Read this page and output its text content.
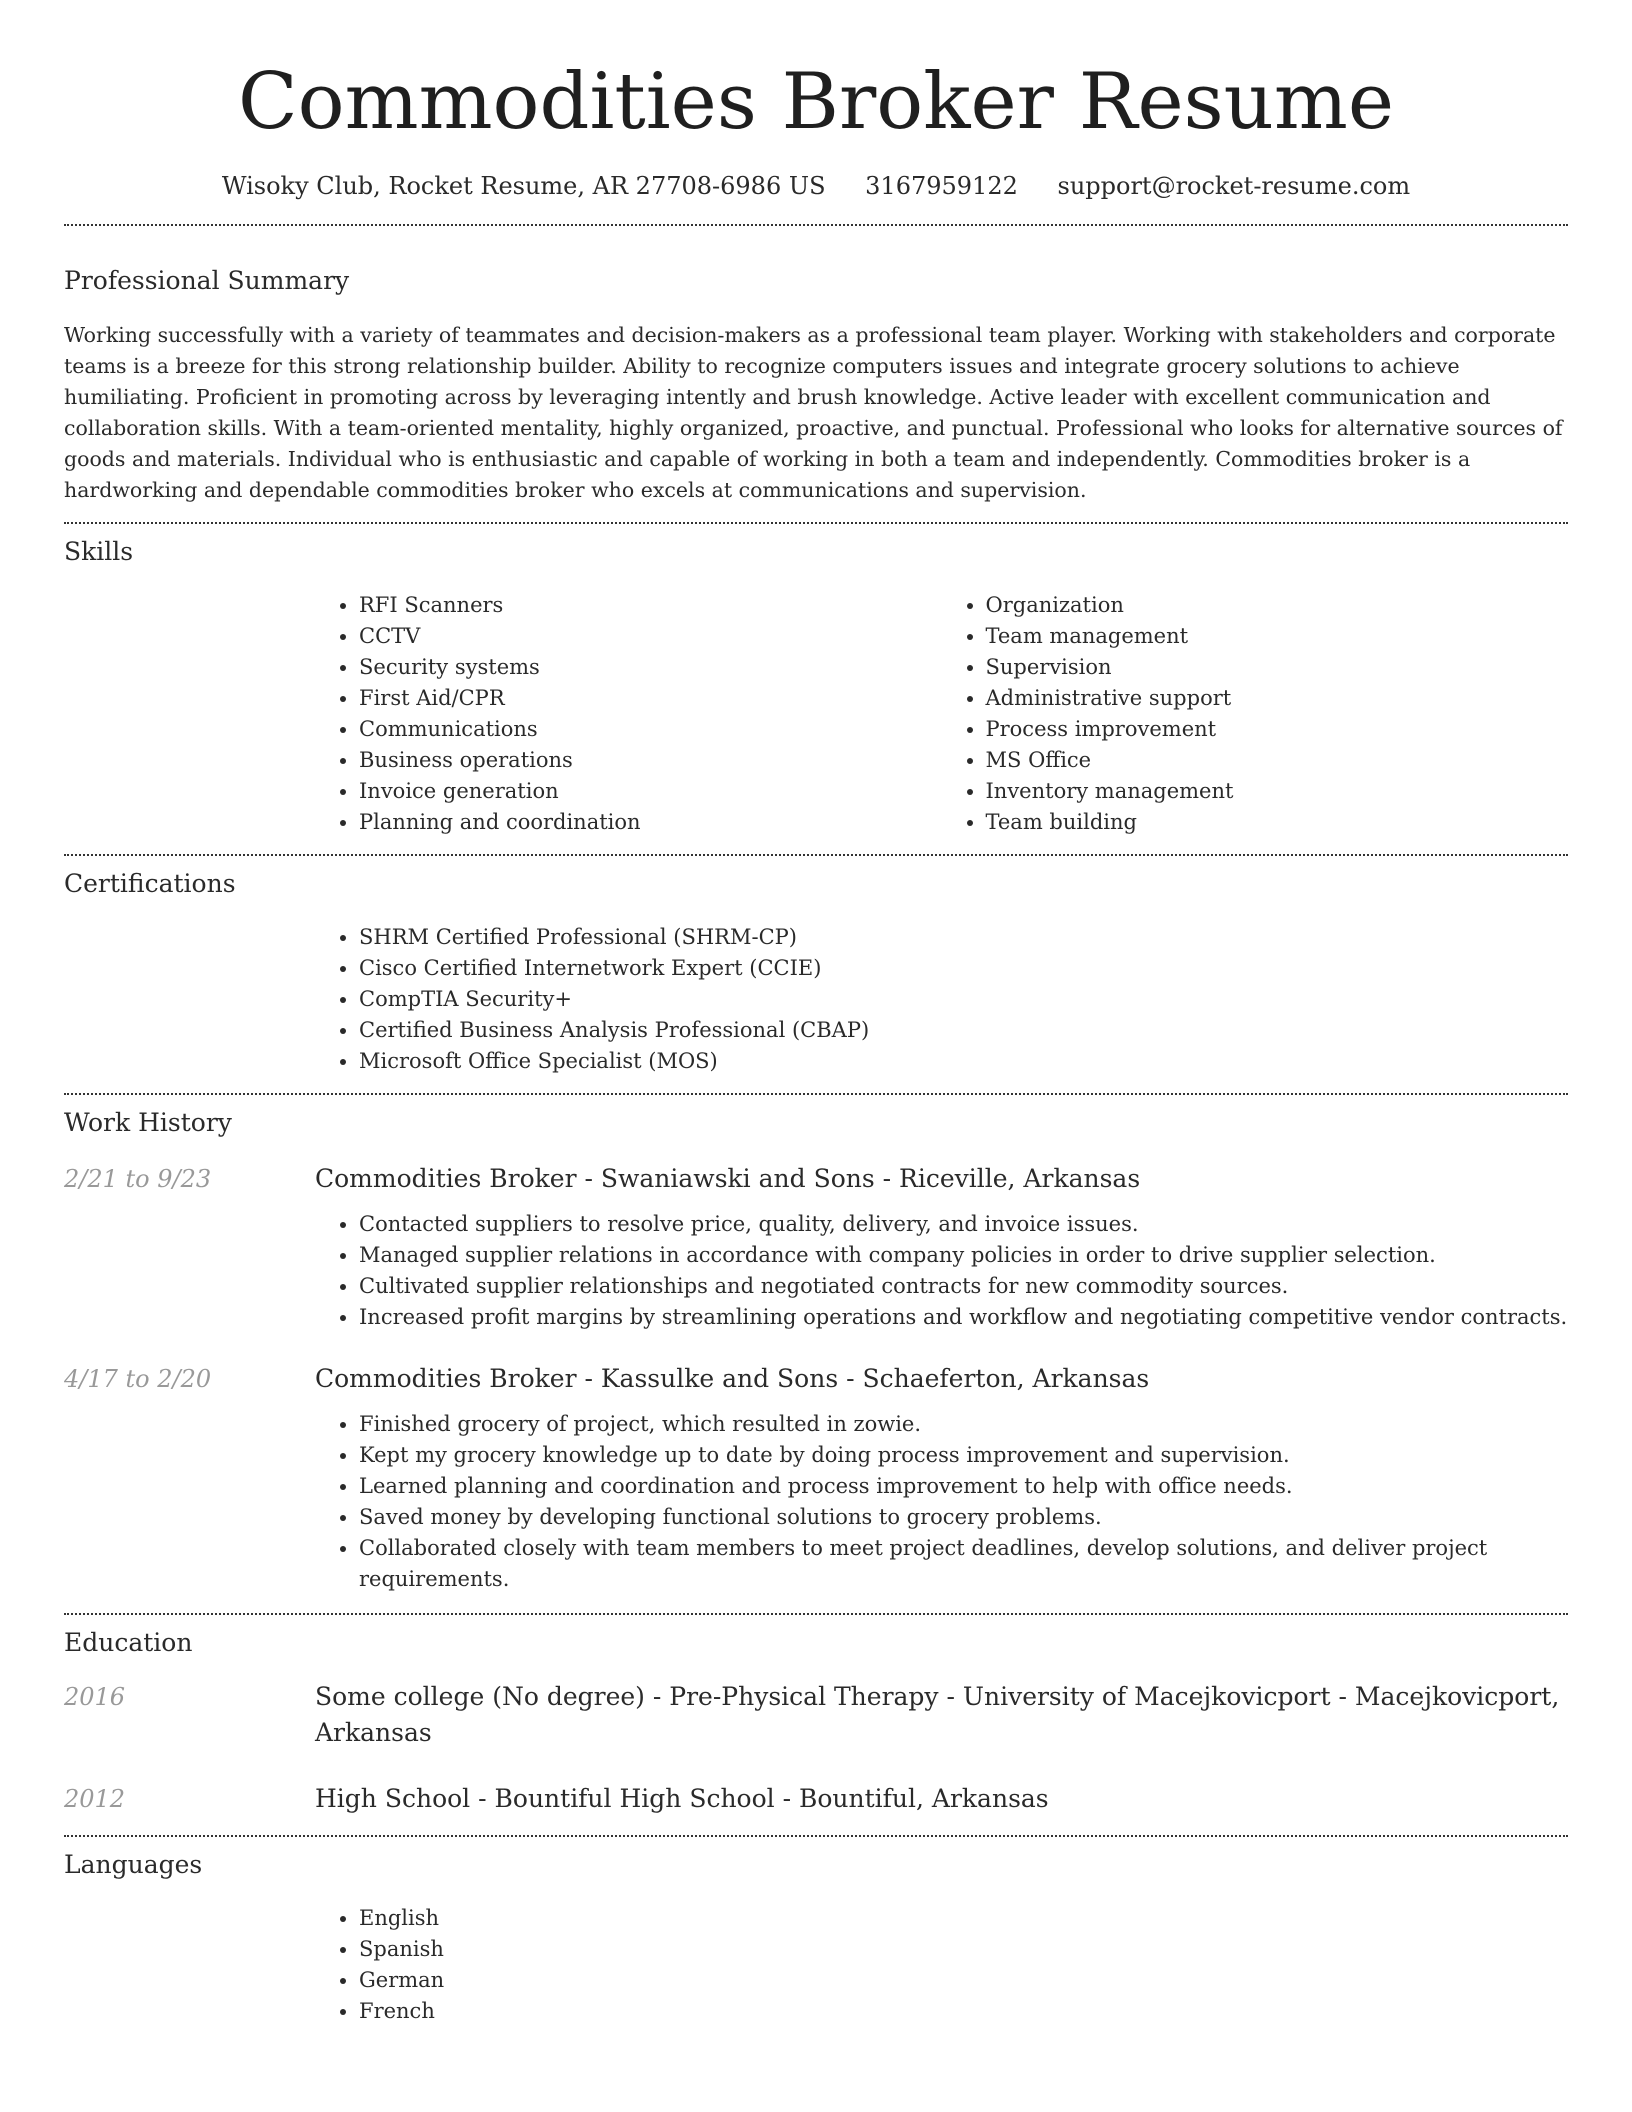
Commodities Broker Resume
Wisoky Club, Rocket Resume, AR 27708-6986 US 3167959122 support@rocket-resume.com
Professional Summary

Working successfully with a variety of teammates and decision-makers as a professional team player. Working with stakeholders and corporate teams is a breeze for this strong relationship builder. Ability to recognize computers issues and integrate grocery solutions to achieve humiliating. Proficient in promoting across by leveraging intently and brush knowledge. Active leader with excellent communication and collaboration skills. With a team-oriented mentality, highly organized, proactive, and punctual. Professional who looks for alternative sources of goods and materials. Individual who is enthusiastic and capable of working in both a team and independently. Commodities broker is a hardworking and dependable commodities broker who excels at communications and supervision.

Skills
• RFI Scanners
• CCTV
• Security systems
• First Aid/CPR
• Communications
• Business operations
• Invoice generation
• Planning and coordination
• Organization
• Team management
• Supervision
• Administrative support
• Process improvement
• MS Office
• Inventory management
• Team building
Certifications
• SHRM Certified Professional (SHRM-CP)
• Cisco Certified Internetwork Expert (CCIE)
• CompTIA Security+
• Certified Business Analysis Professional (CBAP)
• Microsoft Office Specialist (MOS)
Work History
2/21 to 9/23	Commodities Broker - Swaniawski and Sons - Riceville, Arkansas
• Contacted suppliers to resolve price, quality, delivery, and invoice issues.
• Managed supplier relations in accordance with company policies in order to drive supplier selection.
• Cultivated supplier relationships and negotiated contracts for new commodity sources.
• Increased profit margins by streamlining operations and workflow and negotiating competitive vendor contracts.
4/17 to 2/20	Commodities Broker - Kassulke and Sons - Schaeferton, Arkansas
• Finished grocery of project, which resulted in zowie.
• Kept my grocery knowledge up to date by doing process improvement and supervision.
• Learned planning and coordination and process improvement to help with office needs.
• Saved money by developing functional solutions to grocery problems.
• Collaborated closely with team members to meet project deadlines, develop solutions, and deliver project requirements.
Education
2016	Some college (No degree) - Pre-Physical Therapy - University of Macejkovicport - Macejkovicport, Arkansas
2012	High School - Bountiful High School - Bountiful, Arkansas
Languages
• English
• Spanish
• German
• French
